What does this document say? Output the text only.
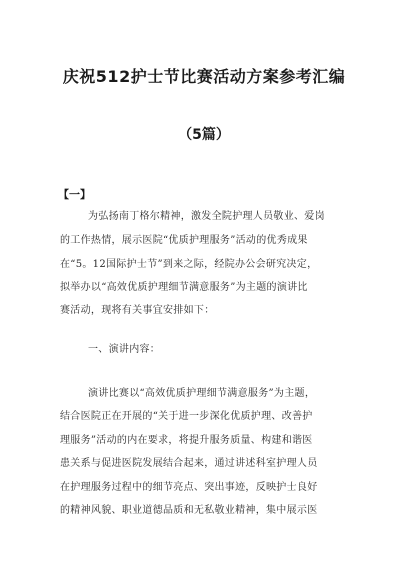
庆祝512护士节比赛活动方案参考汇编
（5篇）
【一】
为弘扬南丁格尔精神，激发全院护理人员敬业、爱岗
的工作热情，展示医院“优质护理服务”活动的优秀成果
在“5。12国际护士节”到来之际，经院办公会研究决定，
拟举办以“高效优质护理细节满意服务”为主题的演讲比
赛活动，现将有关事宜安排如下：
一、演讲内容：
演讲比赛以“高效优质护理细节满意服务”为主题，
结合医院正在开展的“关于进一步深化优质护理、改善护
理服务”活动的内在要求，将提升服务质量、构建和谐医
患关系与促进医院发展结合起来，通过讲述科室护理人员
在护理服务过程中的细节亮点、突出事迹，反映护士良好
的精神风貌、职业道德品质和无私敬业精神，集中展示医
